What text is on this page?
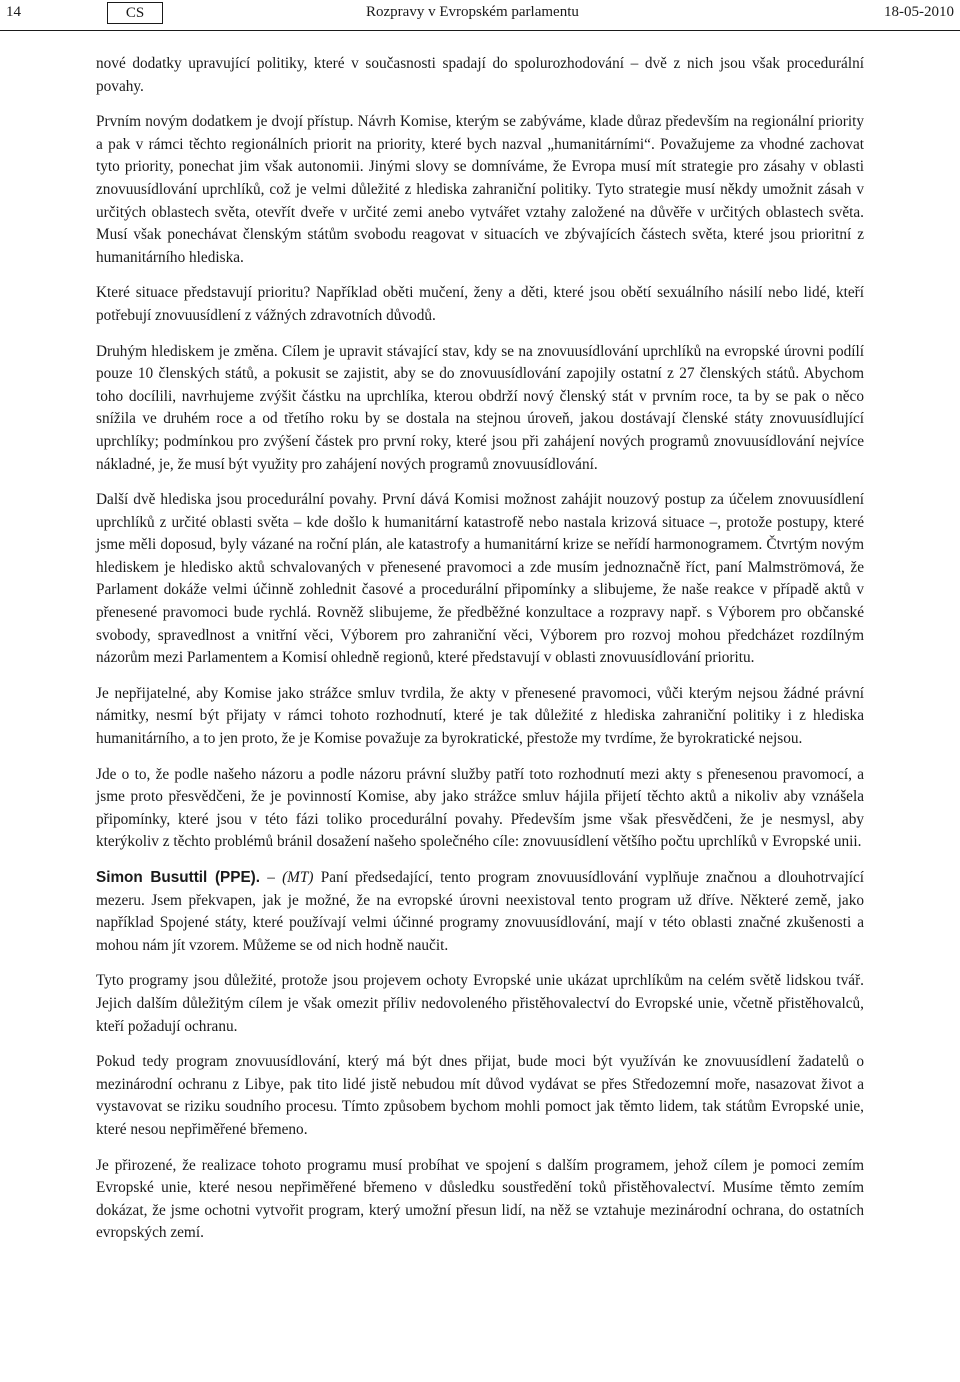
14	CS	Rozpravy v Evropském parlamentu	18-05-2010

nové dodatky upravující politiky, které v současnosti spadají do spolurozhodování – dvě z nich jsou však procedurální povahy.

Prvním novým dodatkem je dvojí přístup. Návrh Komise, kterým se zabýváme, klade důraz především na regionální priority a pak v rámci těchto regionálních priorit na priority, které bych nazval „humanitárními“. Považujeme za vhodné zachovat tyto priority, ponechat jim však autonomii. Jinými slovy se domníváme, že Evropa musí mít strategie pro zásahy v oblasti znovuusídlování uprchlíků, což je velmi důležité z hlediska zahraniční politiky. Tyto strategie musí někdy umožnit zásah v určitých oblastech světa, otevřít dveře v určité zemi anebo vytvářet vztahy založené na důvěře v určitých oblastech světa. Musí však ponechávat členským státům svobodu reagovat v situacích ve zbývajících částech světa, které jsou prioritní z humanitárního hlediska.

Které situace představují prioritu? Například oběti mučení, ženy a děti, které jsou obětí sexuálního násilí nebo lidé, kteří potřebují znovuusídlení z vážných zdravotních důvodů.

Druhým hlediskem je změna. Cílem je upravit stávající stav, kdy se na znovuusídlování uprchlíků na evropské úrovni podílí pouze 10 členských států, a pokusit se zajistit, aby se do znovuusídlování zapojily ostatní z 27 členských států. Abychom toho docílili, navrhujeme zvýšit částku na uprchlíka, kterou obdrží nový členský stát v prvním roce, ta by se pak o něco snížila ve druhém roce a od třetího roku by se dostala na stejnou úroveň, jakou dostávají členské státy znovuusídlující uprchlíky; podmínkou pro zvýšení částek pro první roky, které jsou při zahájení nových programů znovuusídlování nejvíce nákladné, je, že musí být využity pro zahájení nových programů znovuusídlování.

Další dvě hlediska jsou procedurální povahy. První dává Komisi možnost zahájit nouzový postup za účelem znovuusídlení uprchlíků z určité oblasti světa – kde došlo k humanitární katastrofě nebo nastala krizová situace –, protože postupy, které jsme měli doposud, byly vázané na roční plán, ale katastrofy a humanitární krize se neřídí harmonogramem. Čtvrtým novým hlediskem je hledisko aktů schvalovaných v přenesené pravomoci a zde musím jednoznačně říct, paní Malmströmová, že Parlament dokáže velmi účinně zohlednit časové a procedurální připomínky a slibujeme, že naše reakce v případě aktů v přenesené pravomoci bude rychlá. Rovněž slibujeme, že předběžné konzultace a rozpravy např. s Výborem pro občanské svobody, spravedlnost a vnitřní věci, Výborem pro zahraniční věci, Výborem pro rozvoj mohou předcházet rozdílným názorům mezi Parlamentem a Komisí ohledně regionů, které představují v oblasti znovuusídlování prioritu.

Je nepřijatelné, aby Komise jako strážce smluv tvrdila, že akty v přenesené pravomoci, vůči kterým nejsou žádné právní námitky, nesmí být přijaty v rámci tohoto rozhodnutí, které je tak důležité z hlediska zahraniční politiky i z hlediska humanitárního, a to jen proto, že je Komise považuje za byrokratické, přestože my tvrdíme, že byrokratické nejsou.

Jde o to, že podle našeho názoru a podle názoru právní služby patří toto rozhodnutí mezi akty s přenesenou pravomocí, a jsme proto přesvědčeni, že je povinností Komise, aby jako strážce smluv hájila přijetí těchto aktů a nikoliv aby vznášela připomínky, které jsou v této fázi toliko procedurální povahy. Především jsme však přesvědčeni, že je nesmysl, aby kterýkoliv z těchto problémů bránil dosažení našeho společného cíle: znovuusídlení většího počtu uprchlíků v Evropské unii.

Simon Busuttil (PPE). – (MT) Paní předsedající, tento program znovuusídlování vyplňuje značnou a dlouhotrvající mezeru. Jsem překvapen, jak je možné, že na evropské úrovni neexistoval tento program už dříve. Některé země, jako například Spojené státy, které používají velmi účinné programy znovuusídlování, mají v této oblasti značné zkušenosti a mohou nám jít vzorem. Můžeme se od nich hodně naučit.

Tyto programy jsou důležité, protože jsou projevem ochoty Evropské unie ukázat uprchlíkům na celém světě lidskou tvář. Jejich dalším důležitým cílem je však omezit příliv nedovoleného přistěhovalectví do Evropské unie, včetně přistěhovalců, kteří požadují ochranu.

Pokud tedy program znovuusídlování, který má být dnes přijat, bude moci být využíván ke znovuusídlení žadatelů o mezinárodní ochranu z Libye, pak tito lidé jistě nebudou mít důvod vydávat se přes Středozemní moře, nasazovat život a vystavovat se riziku soudního procesu. Tímto způsobem bychom mohli pomoct jak těmto lidem, tak státům Evropské unie, které nesou nepřiměřené břemeno.

Je přirozené, že realizace tohoto programu musí probíhat ve spojení s dalším programem, jehož cílem je pomoci zemím Evropské unie, které nesou nepřiměřené břemeno v důsledku soustředění toků přistěhovalectví. Musíme těmto zemím dokázat, že jsme ochotni vytvořit program, který umožní přesun lidí, na něž se vztahuje mezinárodní ochrana, do ostatních evropských zemí.
